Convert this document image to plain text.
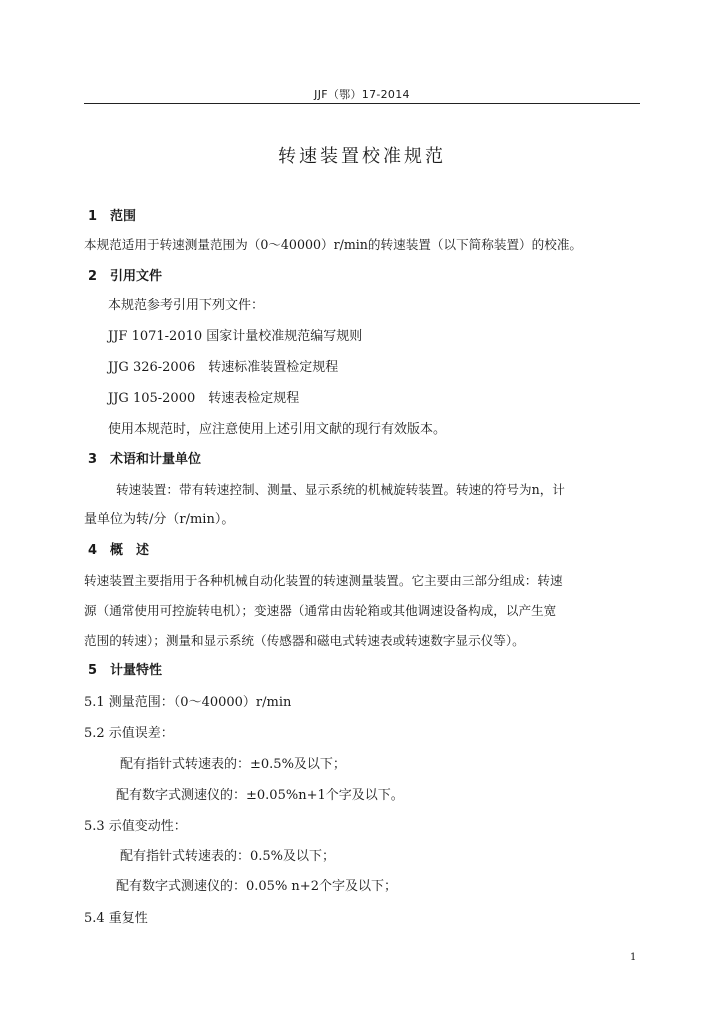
JJF（鄂）17-2014
转速装置校准规范
1　范围
本规范适用于转速测量范围为（0～40000）r/min的转速装置（以下简称装置）的校准。
2　引用文件
本规范参考引用下列文件：
JJF 1071-2010 国家计量校准规范编写规则
JJG 326-2006　转速标准装置检定规程
JJG 105-2000　转速表检定规程
使用本规范时，应注意使用上述引用文献的现行有效版本。
3　术语和计量单位
转速装置：带有转速控制、测量、显示系统的机械旋转装置。转速的符号为n，计
量单位为转/分（r/min）。
4　概　述
转速装置主要指用于各种机械自动化装置的转速测量装置。它主要由三部分组成：转速
源（通常使用可控旋转电机）；变速器（通常由齿轮箱或其他调速设备构成，以产生宽
范围的转速）；测量和显示系统（传感器和磁电式转速表或转速数字显示仪等）。
5　计量特性
5.1 测量范围：（0～40000）r/min
5.2 示值误差：
配有指针式转速表的：±0.5%及以下；
配有数字式测速仪的：±0.05%n+1个字及以下。
5.3 示值变动性：
配有指针式转速表的：0.5%及以下；
配有数字式测速仪的：0.05% n+2个字及以下；
5.4 重复性
1
